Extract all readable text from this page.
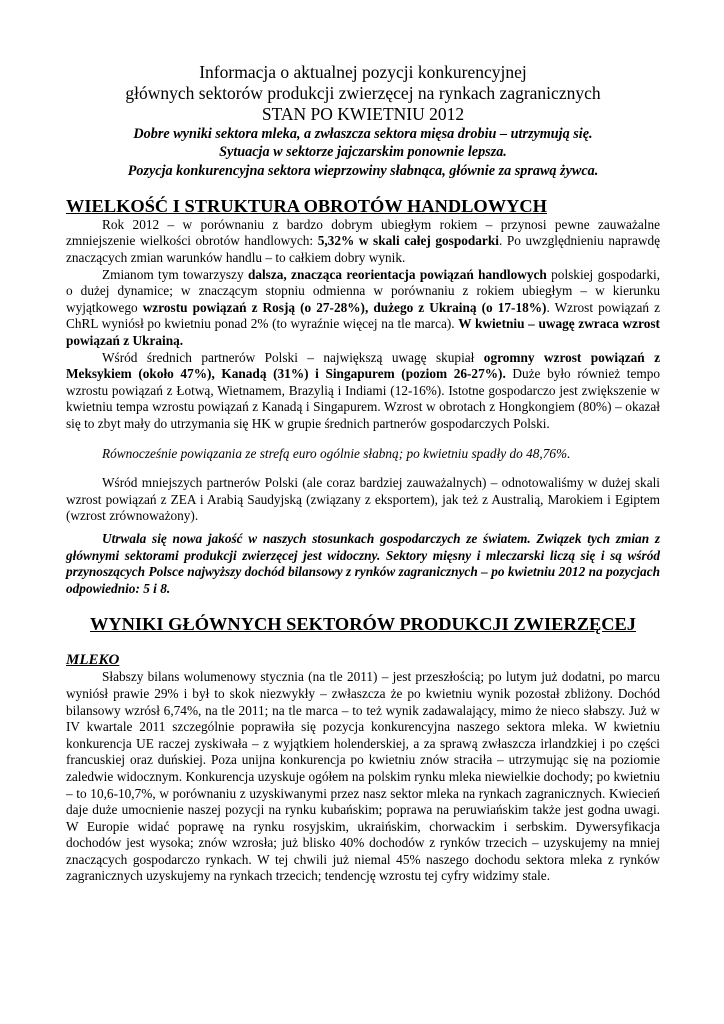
Informacja o aktualnej pozycji konkurencyjnej
głównych sektorów produkcji zwierzęcej na rynkach zagranicznych
STAN PO KWIETNIU 2012
Dobre wyniki sektora mleka, a zwłaszcza sektora mięsa drobiu – utrzymują się.
Sytuacja w sektorze jajczarskim ponownie lepsza.
Pozycja konkurencyjna sektora wieprzowiny słabnąca, głównie za sprawą żywca.
WIELKOŚĆ I STRUKTURA OBROTÓW HANDLOWYCH

Rok 2012 – w porównaniu z bardzo dobrym ubiegłym rokiem – przynosi pewne zauważalne zmniejszenie wielkości obrotów handlowych: 5,32% w skali całej gospodarki. Po uwzględnieniu naprawdę znaczących zmian warunków handlu – to całkiem dobry wynik.

Zmianom tym towarzyszy dalsza, znacząca reorientacja powiązań handlowych polskiej gospodarki, o dużej dynamice; w znaczącym stopniu odmienna w porównaniu z rokiem ubiegłym – w kierunku wyjątkowego wzrostu powiązań z Rosją (o 27-28%), dużego z Ukrainą (o 17-18%). Wzrost powiązań z ChRL wyniósł po kwietniu ponad 2% (to wyraźnie więcej na tle marca). W kwietniu – uwagę zwraca wzrost powiązań z Ukrainą.

Wśród średnich partnerów Polski – największą uwagę skupiał ogromny wzrost powiązań z Meksykiem (około 47%), Kanadą (31%) i Singapurem (poziom 26-27%). Duże było również tempo wzrostu powiązań z Łotwą, Wietnamem, Brazylią i Indiami (12-16%). Istotne gospodarczo jest zwiększenie w kwietniu tempa wzrostu powiązań z Kanadą i Singapurem. Wzrost w obrotach z Hongkongiem (80%) – okazał się to zbyt mały do utrzymania się HK w grupie średnich partnerów gospodarczych Polski.

Równocześnie powiązania ze strefą euro ogólnie słabną; po kwietniu spadły do 48,76%.

Wśród mniejszych partnerów Polski (ale coraz bardziej zauważalnych) – odnotowaliśmy w dużej skali wzrost powiązań z ZEA i Arabią Saudyjską (związany z eksportem), jak też z Australią, Marokiem i Egiptem (wzrost zrównoważony).

Utrwala się nowa jakość w naszych stosunkach gospodarczych ze światem. Związek tych zmian z głównymi sektorami produkcji zwierzęcej jest widoczny. Sektory mięsny i mleczarski liczą się i są wśród przynoszących Polsce najwyższy dochód bilansowy z rynków zagranicznych – po kwietniu 2012 na pozycjach odpowiednio: 5 i 8.

WYNIKI GŁÓWNYCH SEKTORÓW PRODUKCJI ZWIERZĘCEJ
MLEKO

Słabszy bilans wolumenowy stycznia (na tle 2011) – jest przeszłością; po lutym już dodatni, po marcu wyniósł prawie 29% i był to skok niezwykły – zwłaszcza że po kwietniu wynik pozostał zbliżony. Dochód bilansowy wzrósł 6,74%, na tle 2011; na tle marca – to też wynik zadawalający, mimo że nieco słabszy. Już w IV kwartale 2011 szczególnie poprawiła się pozycja konkurencyjna naszego sektora mleka. W kwietniu konkurencja UE raczej zyskiwała – z wyjątkiem holenderskiej, a za sprawą zwłaszcza irlandzkiej i po części francuskiej oraz duńskiej. Poza unijna konkurencja po kwietniu znów straciła – utrzymując się na poziomie zaledwie widocznym. Konkurencja uzyskuje ogółem na polskim rynku mleka niewielkie dochody; po kwietniu – to 10,6-10,7%, w porównaniu z uzyskiwanymi przez nasz sektor mleka na rynkach zagranicznych. Kwiecień daje duże umocnienie naszej pozycji na rynku kubańskim; poprawa na peruwiańskim także jest godna uwagi. W Europie widać poprawę na rynku rosyjskim, ukraińskim, chorwackim i serbskim. Dywersyfikacja dochodów jest wysoka; znów wzrosła; już blisko 40% dochodów z rynków trzecich – uzyskujemy na mniej znaczących gospodarczo rynkach. W tej chwili już niemal 45% naszego dochodu sektora mleka z rynków zagranicznych uzyskujemy na rynkach trzecich; tendencję wzrostu tej cyfry widzimy stale.
